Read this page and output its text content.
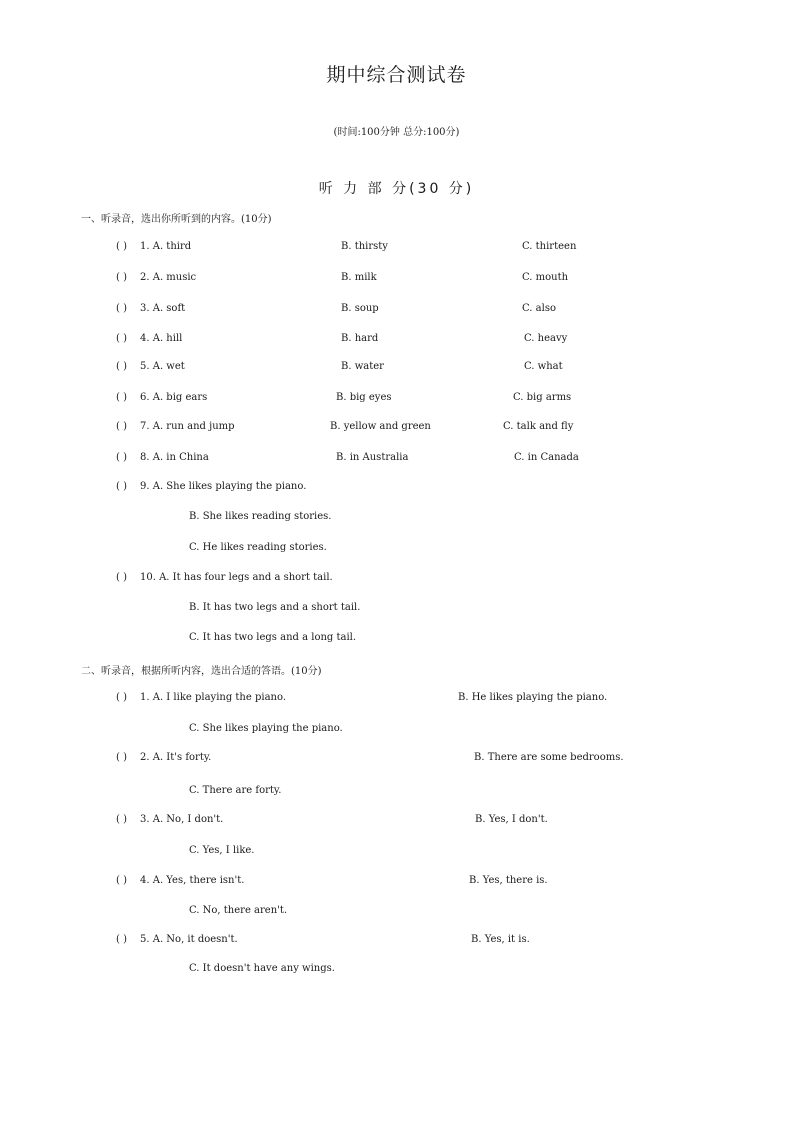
期中综合测试卷
(时间:100分钟 总分:100分)
听 力 部 分(30 分)
一、听录音，选出你所听到的内容。(10分)
( ) 1. A. third	B. thirsty	C. thirteen
( ) 2. A. music	B. milk	C. mouth
( ) 3. A. soft	B. soup	C. also
( ) 4. A. hill	B. hard	C. heavy
( ) 5. A. wet	B. water	C. what
( ) 6. A. big ears	B. big eyes	C. big arms
( ) 7. A. run and jump	B. yellow and green	C. talk and fly
( ) 8. A. in China	B. in Australia	C. in Canada
( ) 9. A. She likes playing the piano.
B. She likes reading stories.
C. He likes reading stories.
( ) 10. A. It has four legs and a short tail.
B. It has two legs and a short tail.
C. It has two legs and a long tail.
二、听录音，根据所听内容，选出合适的答语。(10分)
( ) 1. A. I like playing the piano.	B. He likes playing the piano.
C. She likes playing the piano.
( ) 2. A. It's forty.	B. There are some bedrooms.
C. There are forty.
( ) 3. A. No, I don't.	B. Yes, I don't.
C. Yes, I like.
( ) 4. A. Yes, there isn't.	B. Yes, there is.
C. No, there aren't.
( ) 5. A. No, it doesn't.	B. Yes, it is.
C. It doesn't have any wings.
